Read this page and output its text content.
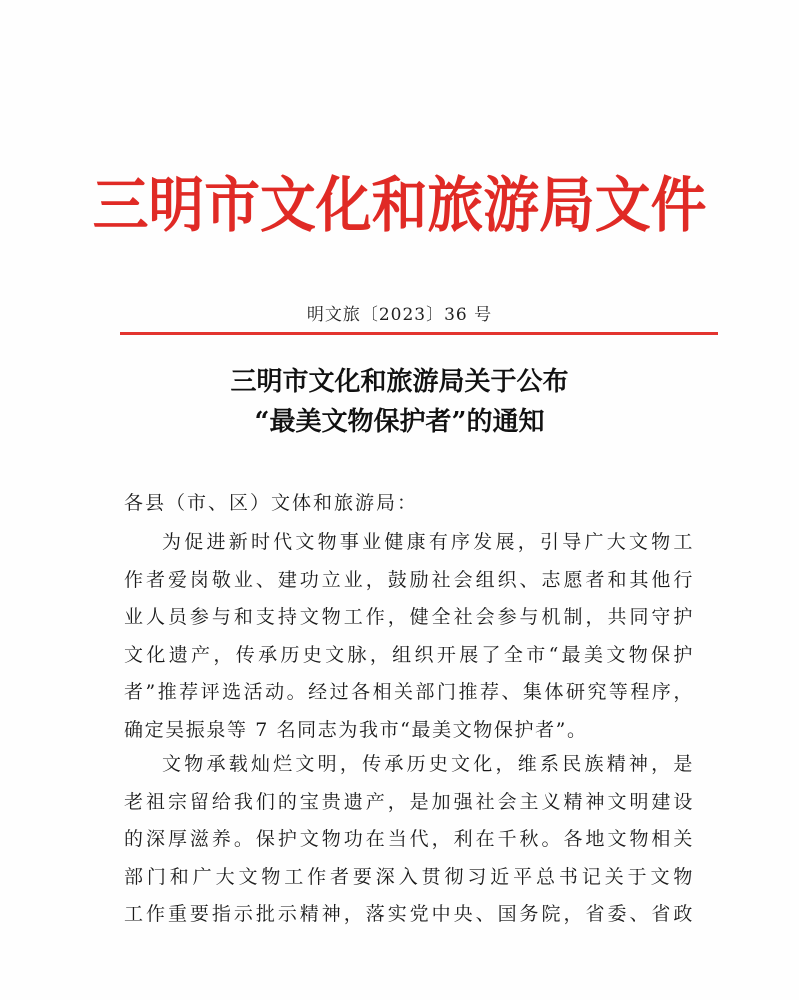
三明市文化和旅游局文件
明文旅〔2023〕36 号
三明市文化和旅游局关于公布
“最美文物保护者”的通知
各县（市、区）文体和旅游局：
为促进新时代文物事业健康有序发展，引导广大文物工
作者爱岗敬业、建功立业，鼓励社会组织、志愿者和其他行
业人员参与和支持文物工作，健全社会参与机制，共同守护
文化遗产，传承历史文脉，组织开展了全市“最美文物保护
者”推荐评选活动。经过各相关部门推荐、集体研究等程序，
确定吴振泉等 7 名同志为我市“最美文物保护者”。
文物承载灿烂文明，传承历史文化，维系民族精神，是
老祖宗留给我们的宝贵遗产，是加强社会主义精神文明建设
的深厚滋养。保护文物功在当代，利在千秋。各地文物相关
部门和广大文物工作者要深入贯彻习近平总书记关于文物
工作重要指示批示精神，落实党中央、国务院，省委、省政
